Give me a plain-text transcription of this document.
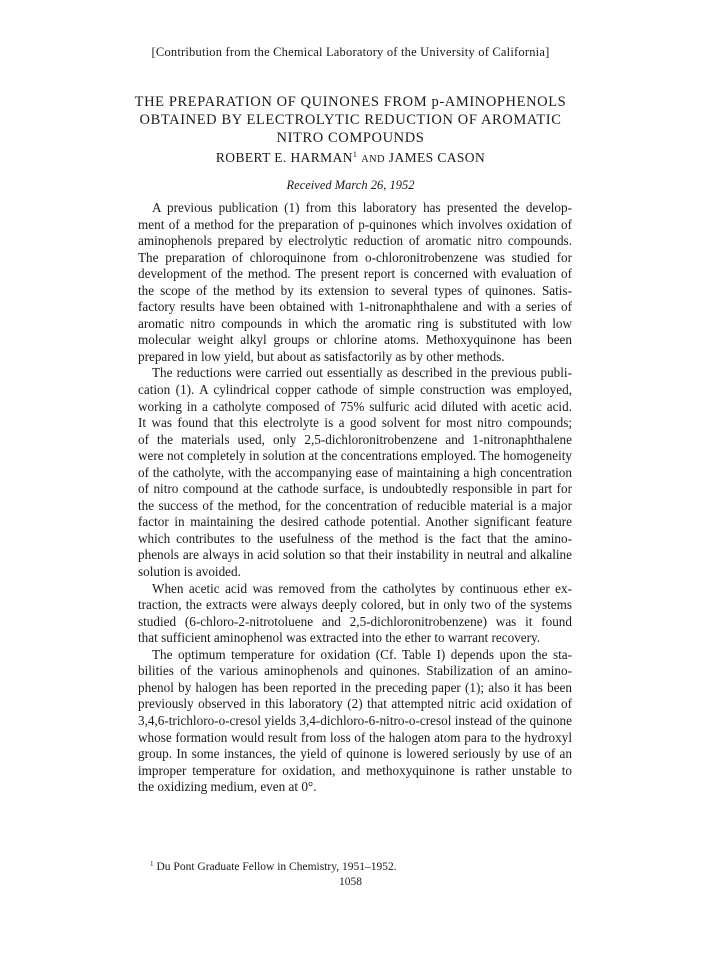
[Contribution from the Chemical Laboratory of the University of California]
THE PREPARATION OF QUINONES FROM p-AMINOPHENOLS
OBTAINED BY ELECTROLYTIC REDUCTION OF AROMATIC
NITRO COMPOUNDS
ROBERT E. HARMAN$^1$ AND JAMES CASON
Received March 26, 1952
A previous publication (1) from this laboratory has presented the develop-
ment of a method for the preparation of p-quinones which involves oxidation of
aminophenols prepared by electrolytic reduction of aromatic nitro compounds.
The preparation of chloroquinone from o-chloronitrobenzene was studied for
development of the method. The present report is concerned with evaluation of
the scope of the method by its extension to several types of quinones. Satis-
factory results have been obtained with 1-nitronaphthalene and with a series of
aromatic nitro compounds in which the aromatic ring is substituted with low
molecular weight alkyl groups or chlorine atoms. Methoxyquinone has been
prepared in low yield, but about as satisfactorily as by other methods.
The reductions were carried out essentially as described in the previous publi-
cation (1). A cylindrical copper cathode of simple construction was employed,
working in a catholyte composed of 75% sulfuric acid diluted with acetic acid.
It was found that this electrolyte is a good solvent for most nitro compounds;
of the materials used, only 2,5-dichloronitrobenzene and 1-nitronaphthalene
were not completely in solution at the concentrations employed. The homogeneity
of the catholyte, with the accompanying ease of maintaining a high concentration
of nitro compound at the cathode surface, is undoubtedly responsible in part for
the success of the method, for the concentration of reducible material is a major
factor in maintaining the desired cathode potential. Another significant feature
which contributes to the usefulness of the method is the fact that the amino-
phenols are always in acid solution so that their instability in neutral and alkaline
solution is avoided.
When acetic acid was removed from the catholytes by continuous ether ex-
traction, the extracts were always deeply colored, but in only two of the systems
studied (6-chloro-2-nitrotoluene and 2,5-dichloronitrobenzene) was it found
that sufficient aminophenol was extracted into the ether to warrant recovery.
The optimum temperature for oxidation (Cf. Table I) depends upon the sta-
bilities of the various aminophenols and quinones. Stabilization of an amino-
phenol by halogen has been reported in the preceding paper (1); also it has been
previously observed in this laboratory (2) that attempted nitric acid oxidation of
3,4,6-trichloro-o-cresol yields 3,4-dichloro-6-nitro-o-cresol instead of the quinone
whose formation would result from loss of the halogen atom para to the hydroxyl
group. In some instances, the yield of quinone is lowered seriously by use of an
improper temperature for oxidation, and methoxyquinone is rather unstable to
the oxidizing medium, even at 0°.
$^1$ Du Pont Graduate Fellow in Chemistry, 1951–1952.
1058
